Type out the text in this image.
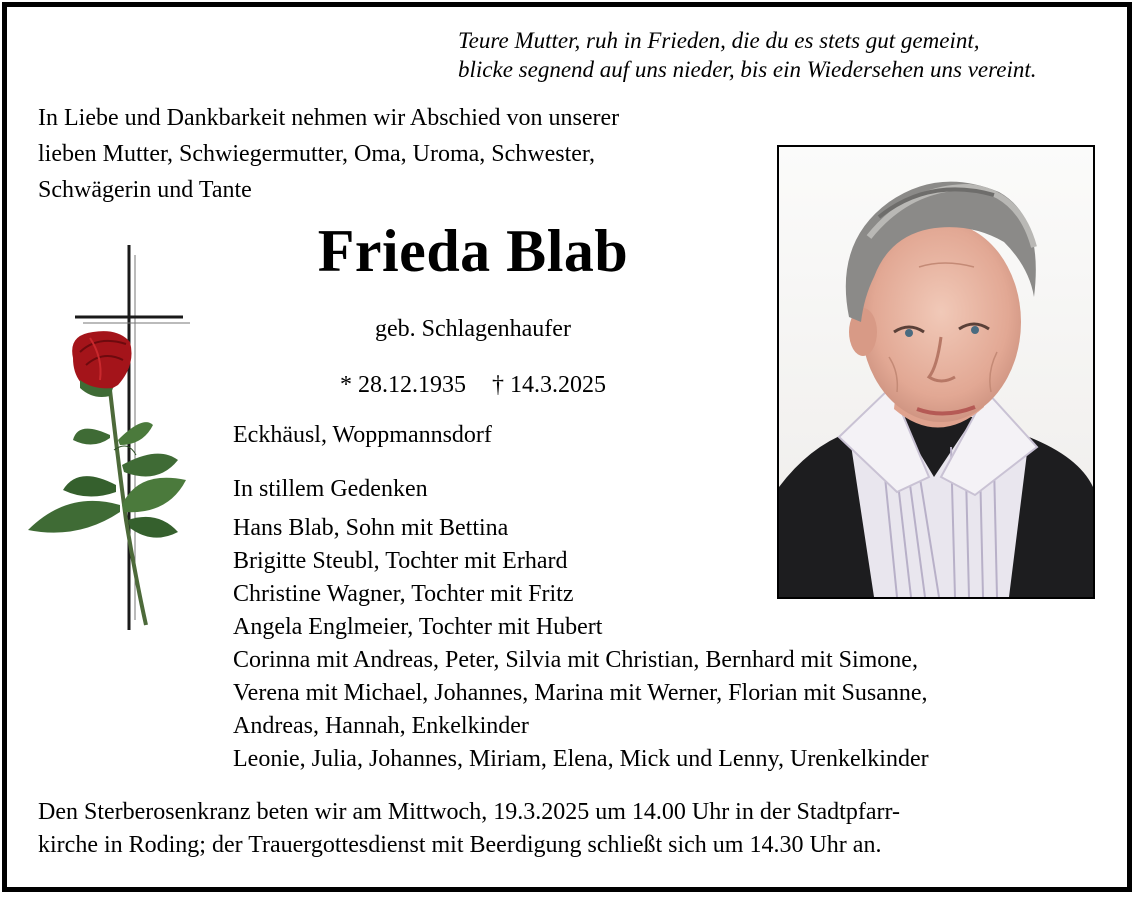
Teure Mutter, ruh in Frieden, die du es stets gut gemeint,
blicke segnend auf uns nieder, bis ein Wiedersehen uns vereint.
In Liebe und Dankbarkeit nehmen wir Abschied von unserer
lieben Mutter, Schwiegermutter, Oma, Uroma, Schwester,
Schwägerin und Tante
Frieda Blab
geb. Schlagenhaufer
* 28.12.1935 † 14.3.2025
Eckhäusl, Woppmannsdorf
In stillem Gedenken
Hans Blab, Sohn mit Bettina
Brigitte Steubl, Tochter mit Erhard
Christine Wagner, Tochter mit Fritz
Angela Englmeier, Tochter mit Hubert
Corinna mit Andreas, Peter, Silvia mit Christian, Bernhard mit Simone,
Verena mit Michael, Johannes, Marina mit Werner, Florian mit Susanne,
Andreas, Hannah, Enkelkinder
Leonie, Julia, Johannes, Miriam, Elena, Mick und Lenny, Urenkelkinder
Den Sterberosenkranz beten wir am Mittwoch, 19.3.2025 um 14.00 Uhr in der Stadtpfarr-
kirche in Roding; der Trauergottesdienst mit Beerdigung schließt sich um 14.30 Uhr an.
